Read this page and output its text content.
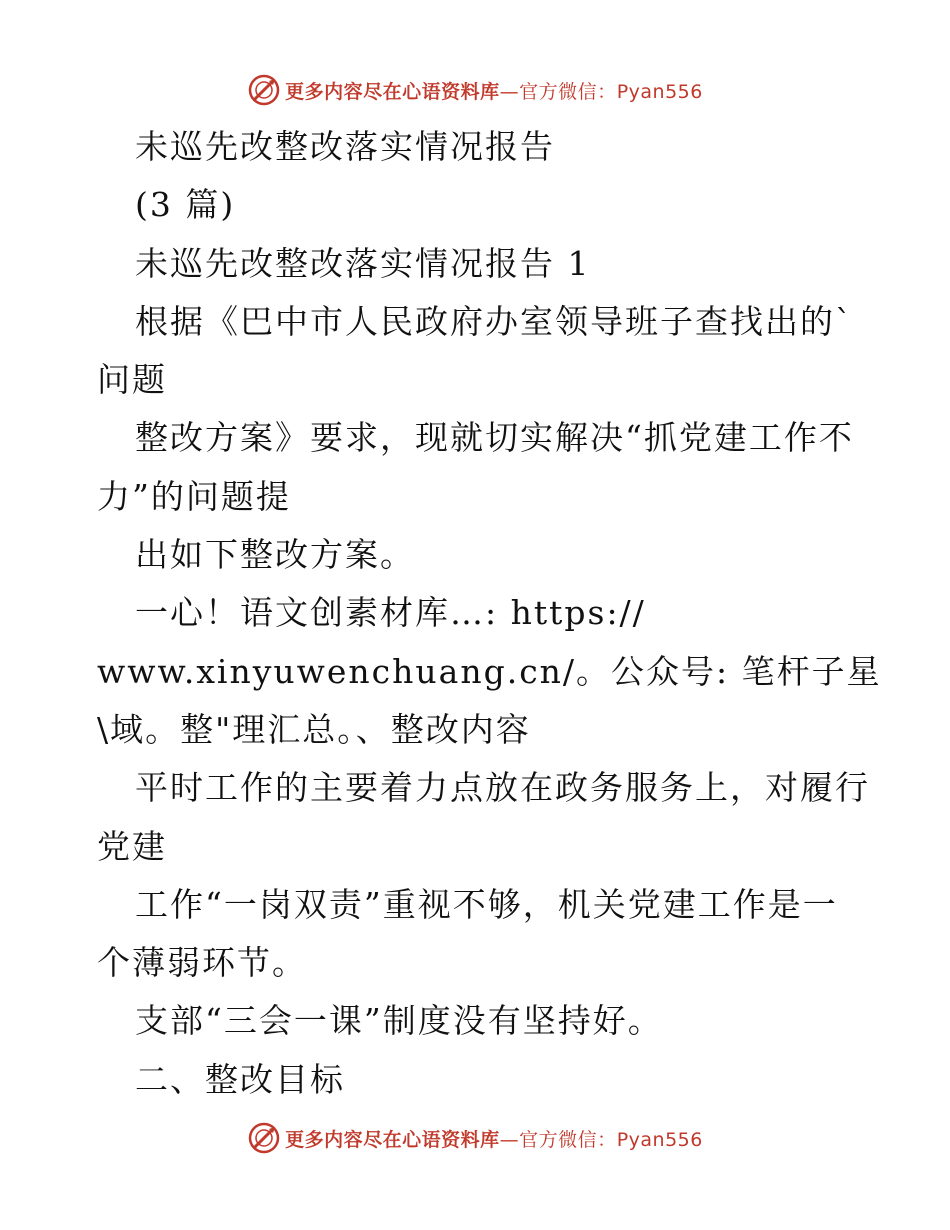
更多内容尽在心语资料库—官方微信：Pyan556
未巡先改整改落实情况报告
(3 篇)
未巡先改整改落实情况报告 1
根据《巴中市人民政府办室领导班子查找出的`
问题
整改方案》要求，现就切实解决“抓党建工作不
力”的问题提
出如下整改方案。
一心！语文创素材库…: https://
www.xinyuwenchuang.cn/。公众号: 笔杆子星
\域。整"理汇总。、整改内容
平时工作的主要着力点放在政务服务上，对履行
党建
工作“一岗双责”重视不够，机关党建工作是一
个薄弱环节。
支部“三会一课”制度没有坚持好。
二、整改目标
更多内容尽在心语资料库—官方微信：Pyan556
